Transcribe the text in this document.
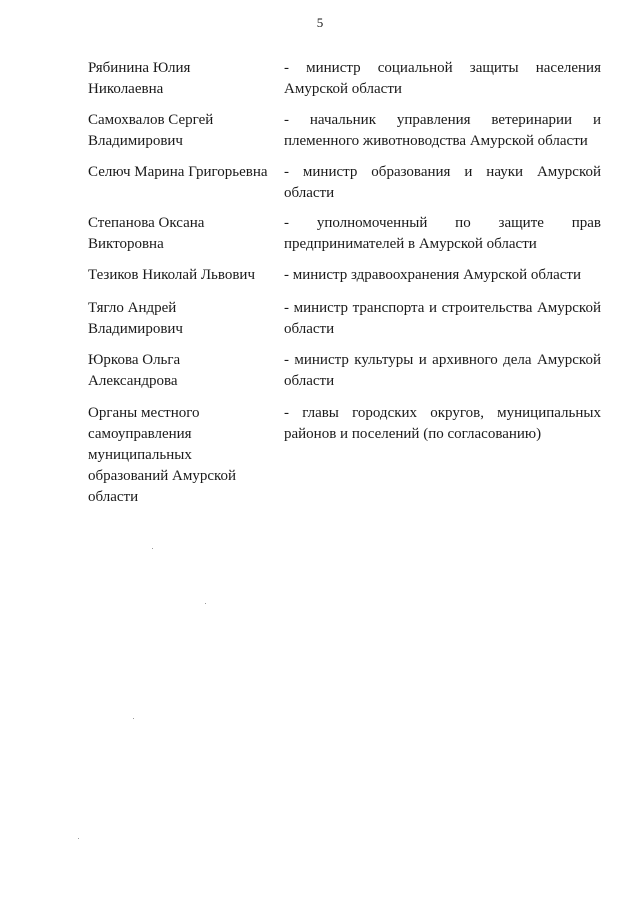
5
Рябинина Юлия
Николаевна
- министр социальной защиты населения Амурской области
Самохвалов Сергей
Владимирович
- начальник управления ветеринарии и племенного животноводства Амурской области
Селюч Марина Григорьевна	- министр образования и науки Амурской области
Степанова Оксана
Викторовна
- уполномоченный по защите прав предпринимателей в Амурской области
Тезиков Николай Львович	- министр здравоохранения Амурской области
Тягло Андрей
Владимирович
- министр транспорта и строительства Амурской области
Юркова Ольга
Александрова
- министр культуры и архивного дела Амурской области
Органы местного
самоуправления
муниципальных
образований Амурской
области
- главы городских округов, муниципальных районов и поселений (по согласованию)
